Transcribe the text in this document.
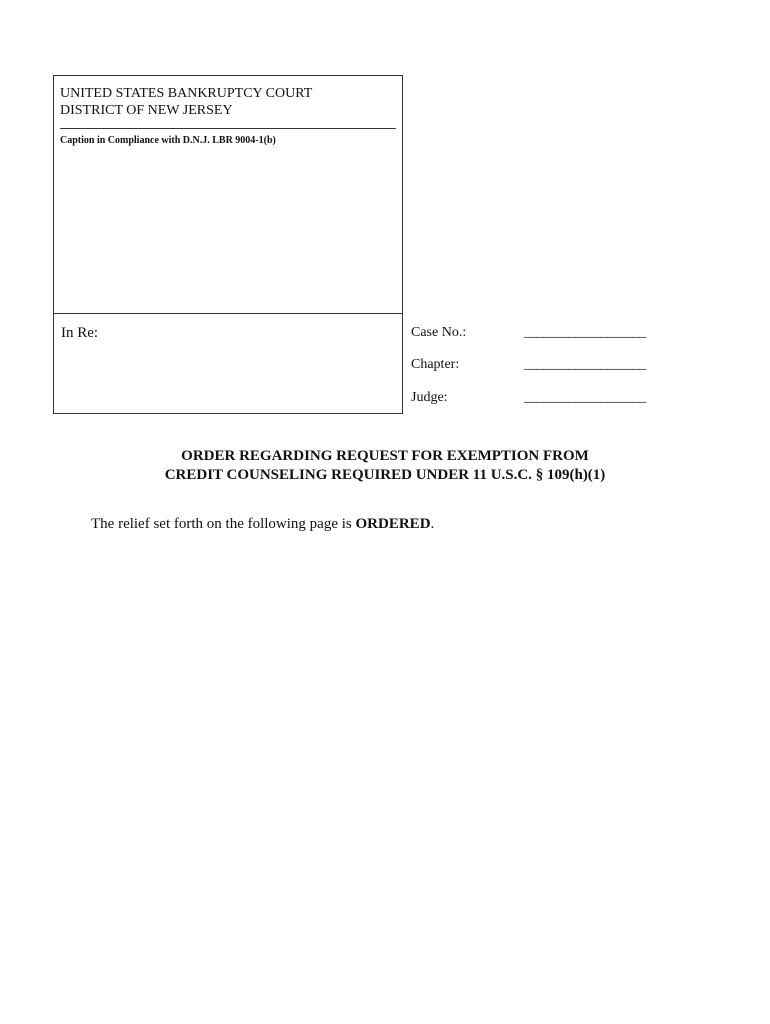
UNITED STATES BANKRUPTCY COURT
DISTRICT OF NEW JERSEY
Caption in Compliance with D.N.J. LBR 9004-1(b)
In Re:	Case No.:	___________________
Chapter:	___________________
Judge:	___________________
ORDER REGARDING REQUEST FOR EXEMPTION FROM
CREDIT COUNSELING REQUIRED UNDER 11 U.S.C. § 109(h)(1)
The relief set forth on the following page is ORDERED.
